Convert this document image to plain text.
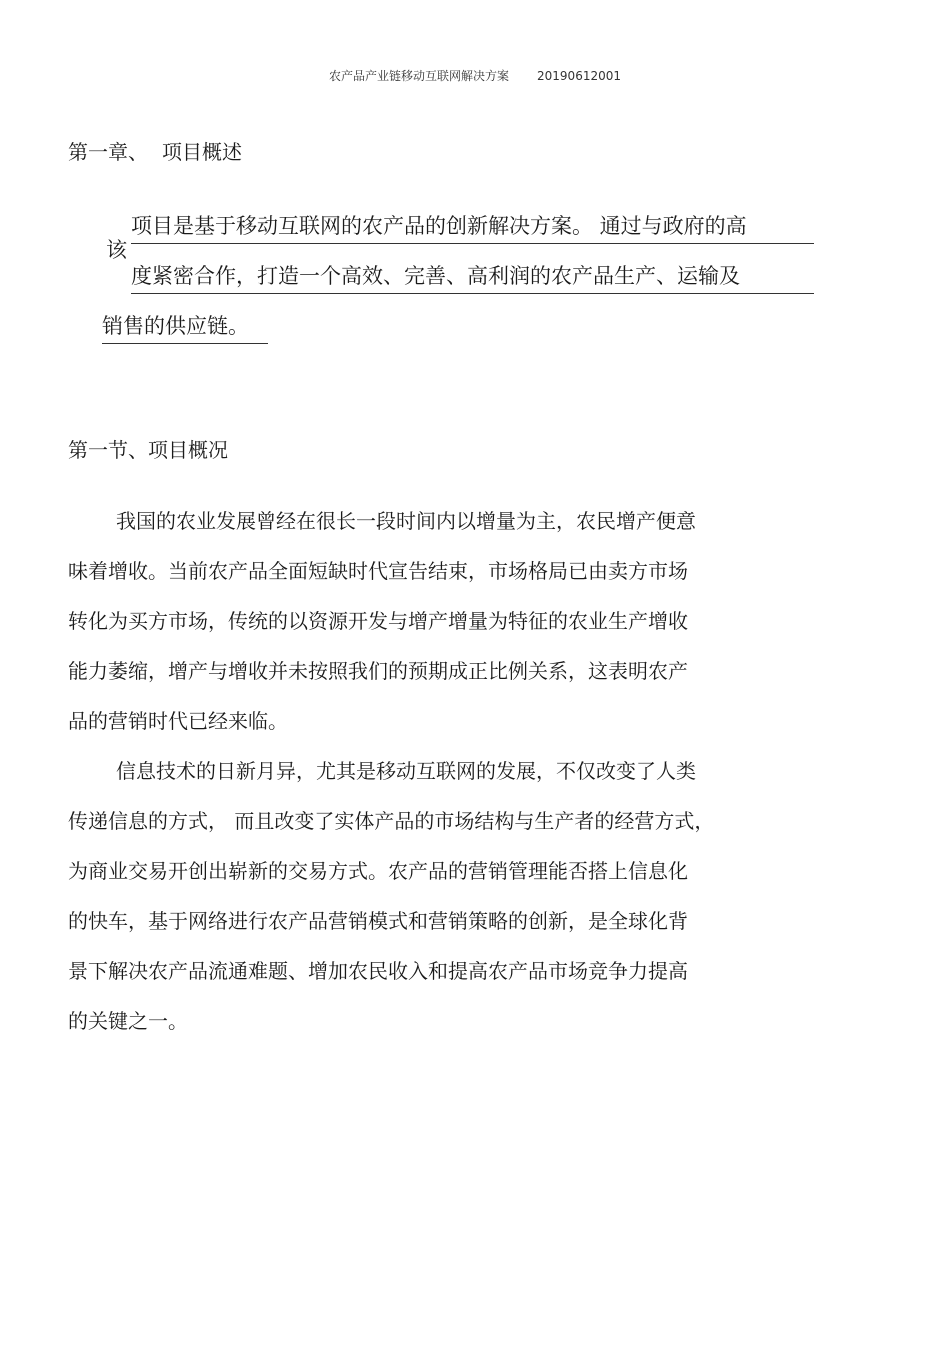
农产品产业链移动互联网解决方案 20190612001
第一章、 项目概述
该
项目是基于移动互联网的农产品的创新解决方案。 通过与政府的高
度紧密合作，打造一个高效、完善、高利润的农产品生产、运输及
销售的供应链。
第一节、项目概况
我国的农业发展曾经在很长一段时间内以增量为主，农民增产便意
味着增收。当前农产品全面短缺时代宣告结束，市场格局已由卖方市场
转化为买方市场，传统的以资源开发与增产增量为特征的农业生产增收
能力萎缩，增产与增收并未按照我们的预期成正比例关系，这表明农产
品的营销时代已经来临。
信息技术的日新月异，尤其是移动互联网的发展，不仅改变了人类
传递信息的方式， 而且改变了实体产品的市场结构与生产者的经营方式，
为商业交易开创出崭新的交易方式。农产品的营销管理能否搭上信息化
的快车，基于网络进行农产品营销模式和营销策略的创新，是全球化背
景下解决农产品流通难题、增加农民收入和提高农产品市场竞争力提高
的关键之一。
